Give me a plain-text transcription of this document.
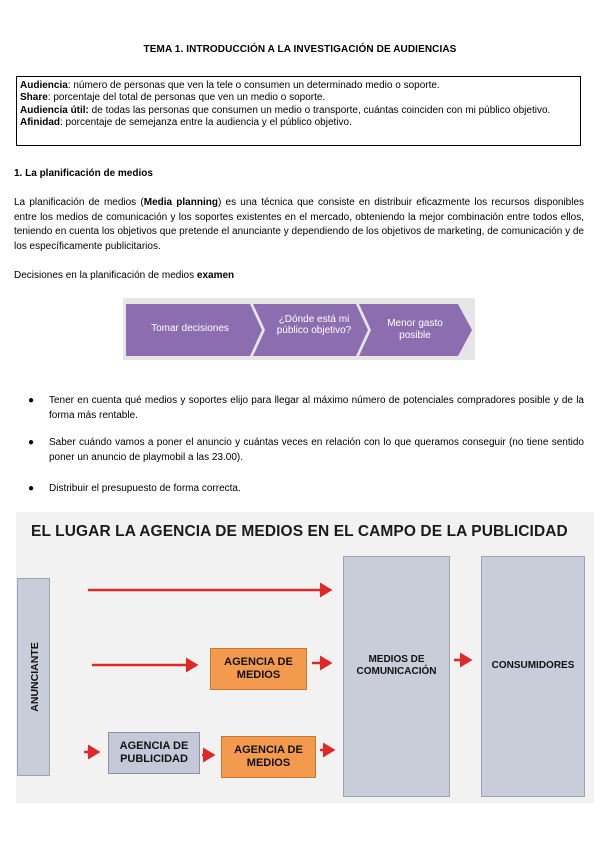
TEMA 1. INTRODUCCIÓN A LA INVESTIGACIÓN DE AUDIENCIAS
Audiencia: número de personas que ven la tele o consumen un determinado medio o soporte.
Share: porcentaje del total de personas que ven un medio o soporte.
Audiencia útil: de todas las personas que consumen un medio o transporte, cuántas coinciden con mi público objetivo.
Afinidad: porcentaje de semejanza entre la audiencia y el público objetivo.
1. La planificación de medios
La planificación de medios (Media planning) es una técnica que consiste en distribuir eficazmente los recursos disponibles entre los medios de comunicación y los soportes existentes en el mercado, obteniendo la mejor combinación entre todos ellos, teniendo en cuenta los objetivos que pretende el anunciante y dependiendo de los objetivos de marketing, de comunicación y de los específicamente publicitarios.
Decisiones en la planificación de medios examen
Tomar decisiones
¿Dónde está mi público objetivo?
Menor gasto posible
● Tener en cuenta qué medios y soportes elijo para llegar al máximo número de potenciales compradores posible y de la forma más rentable.
● Saber cuándo vamos a poner el anuncio y cuántas veces en relación con lo que queramos conseguir (no tiene sentido poner un anuncio de playmobil a las 23.00).
● Distribuir el presupuesto de forma correcta.
EL LUGAR LA AGENCIA DE MEDIOS EN EL CAMPO DE LA PUBLICIDAD
ANUNCIANTE	MEDIOS DE COMUNICACIÓN
CONSUMIDORES
AGENCIA DE MEDIOS
AGENCIA DE PUBLICIDAD
AGENCIA DE MEDIOS
